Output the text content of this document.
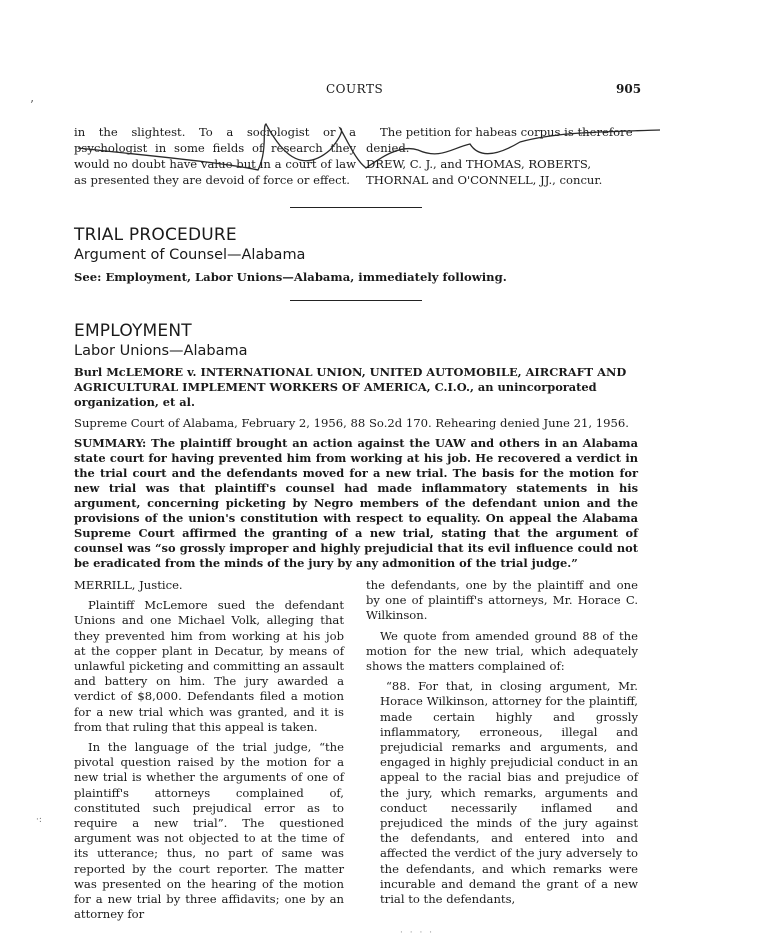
COURTS	905
’
·:
· · · ·
in the slightest. To a sociologist or a psychologist in some fields of research they would no doubt have value but in a court of law as presented they are devoid of force or effect.

The petition for habeas corpus is therefore denied.

DREW, C. J., and THOMAS, ROBERTS, THORNAL and O'CONNELL, JJ., concur.

TRIAL PROCEDURE
Argument of Counsel—Alabama
See: Employment, Labor Unions—Alabama, immediately following.
EMPLOYMENT
Labor Unions—Alabama
Burl McLEMORE v. INTERNATIONAL UNION, UNITED AUTOMOBILE, AIRCRAFT AND AGRICULTURAL IMPLEMENT WORKERS OF AMERICA, C.I.O., an unincorporated organization, et al.
Supreme Court of Alabama, February 2, 1956, 88 So.2d 170. Rehearing denied June 21, 1956.
SUMMARY: The plaintiff brought an action against the UAW and others in an Alabama state court for having prevented him from working at his job. He recovered a verdict in the trial court and the defendants moved for a new trial. The basis for the motion for new trial was that plaintiff's counsel had made inflammatory statements in his argument, concerning picketing by Negro members of the defendant union and the provisions of the union's constitution with respect to equality. On appeal the Alabama Supreme Court affirmed the granting of a new trial, stating that the argument of counsel was “so grossly improper and highly prejudicial that its evil influence could not be eradicated from the minds of the jury by any admonition of the trial judge.”

MERRILL, Justice.

Plaintiff McLemore sued the defendant Unions and one Michael Volk, alleging that they prevented him from working at his job at the copper plant in Decatur, by means of unlawful picketing and committing an assault and battery on him. The jury awarded a verdict of $8,000. Defendants filed a motion for a new trial which was granted, and it is from that ruling that this appeal is taken.

In the language of the trial judge, “the pivotal question raised by the motion for a new trial is whether the arguments of one of plaintiff's attorneys complained of, constituted such prejudical error as to require a new trial”. The questioned argument was not objected to at the time of its utterance; thus, no part of same was reported by the court reporter. The matter was presented on the hearing of the motion for a new trial by three affidavits; one by an attorney for

the defendants, one by the plaintiff and one by one of plaintiff's attorneys, Mr. Horace C. Wilkinson.

We quote from amended ground 88 of the motion for the new trial, which adequately shows the matters complained of:

“88. For that, in closing argument, Mr. Horace Wilkinson, attorney for the plaintiff, made certain highly and grossly inflammatory, erroneous, illegal and prejudicial remarks and arguments, and engaged in highly prejudicial conduct in an appeal to the racial bias and prejudice of the jury, which remarks, arguments and conduct necessarily inflamed and prejudiced the minds of the jury against the defendants, and entered into and affected the verdict of the jury adversely to the defendants, and which remarks were incurable and demand the grant of a new trial to the defendants,
